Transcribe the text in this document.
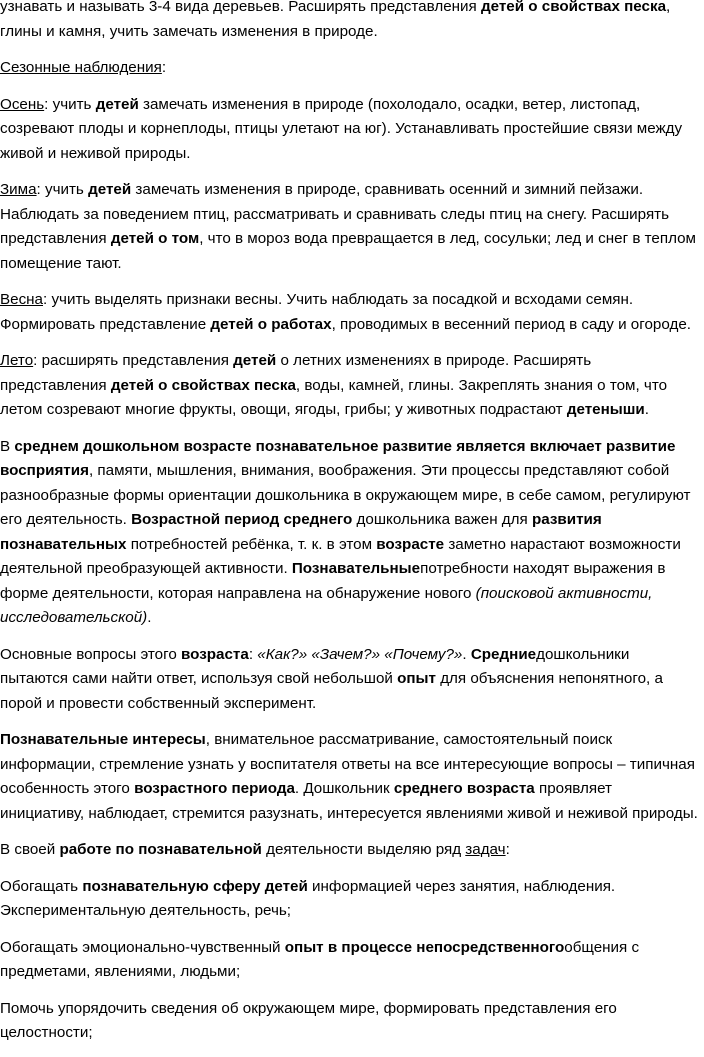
узнавать и называть 3-4 вида деревьев. Расширять представления детей о свойствах песка, глины и камня, учить замечать изменения в природе.

Сезонные наблюдения:

Осень: учить детей замечать изменения в природе (похолодало, осадки, ветер, листопад, созревают плоды и корнеплоды, птицы улетают на юг). Устанавливать простейшие связи между живой и неживой природы.

Зима: учить детей замечать изменения в природе, сравнивать осенний и зимний пейзажи. Наблюдать за поведением птиц, рассматривать и сравнивать следы птиц на снегу. Расширять представления детей о том, что в мороз вода превращается в лед, сосульки; лед и снег в теплом помещение тают.

Весна: учить выделять признаки весны. Учить наблюдать за посадкой и всходами семян. Формировать представление детей о работах, проводимых в весенний период в саду и огороде.

Лето: расширять представления детей о летних изменениях в природе. Расширять представления детей о свойствах песка, воды, камней, глины. Закреплять знания о том, что летом созревают многие фрукты, овощи, ягоды, грибы; у животных подрастают детеныши.

В среднем дошкольном возрасте познавательное развитие является включает развитие восприятия, памяти, мышления, внимания, воображения. Эти процессы представляют собой разнообразные формы ориентации дошкольника в окружающем мире, в себе самом, регулируют его деятельность. Возрастной период среднего дошкольника важен для развития познавательных потребностей ребёнка, т. к. в этом возрасте заметно нарастают возможности деятельной преобразующей активности. Познавательныепотребности находят выражения в форме деятельности, которая направлена на обнаружение нового (поисковой активности, исследовательской).

Основные вопросы этого возраста: «Как?» «Зачем?» «Почему?». Средниедошкольники пытаются сами найти ответ, используя свой небольшой опыт для объяснения непонятного, а порой и провести собственный эксперимент.

Познавательные интересы, внимательное рассматривание, самостоятельный поиск информации, стремление узнать у воспитателя ответы на все интересующие вопросы – типичная особенность этого возрастного периода. Дошкольник среднего возраста проявляет инициативу, наблюдает, стремится разузнать, интересуется явлениями живой и неживой природы.

В своей работе по познавательной деятельности выделяю ряд задач:

Обогащать познавательную сферу детей информацией через занятия, наблюдения. Экспериментальную деятельность, речь;

Обогащать эмоционально-чувственный опыт в процессе непосредственногообщения с предметами, явлениями, людьми;

Помочь упорядочить сведения об окружающем мире, формировать представления его целостности;
